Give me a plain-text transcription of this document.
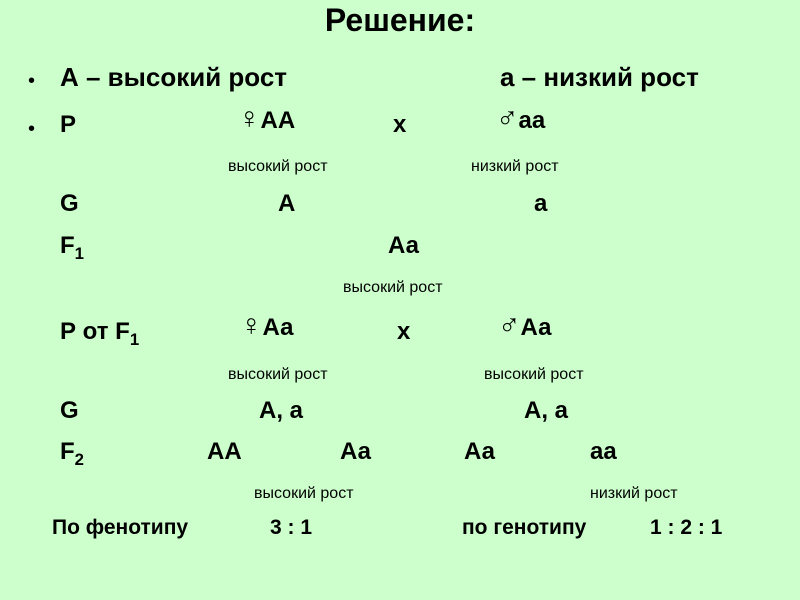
Решение:
• А – высокий рост	а – низкий рост
• P	♀АА	х	♂аа
высокий рост	низкий рост
G	А	а
$F_1$	Аа
высокий рост
Р от $F_1$	♀Аа	х	♂Аа
высокий рост	высокий рост
G	А, а	А, а
$F_2$	АА	Аа	Аа	аа
высокий рост	низкий рост
По фенотипу	3 : 1	по генотипу	1 : 2 : 1
